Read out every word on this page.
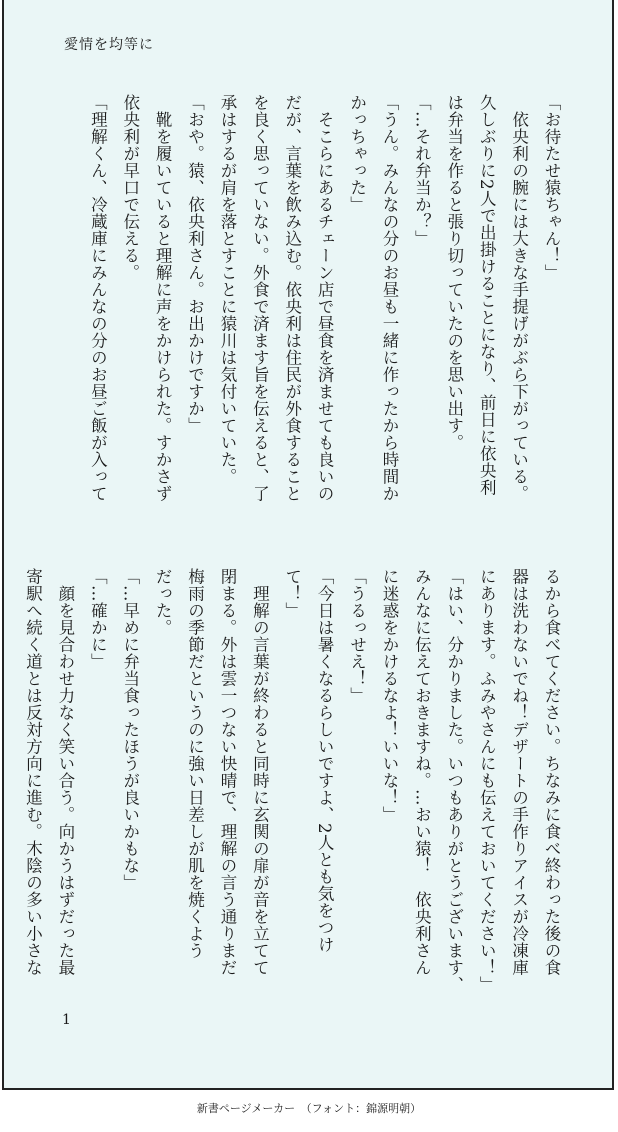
愛情を均等に
「お待たせ猿ちゃん！」
　依央利の腕には大きな手提げがぶら下がっている。
久しぶりに2人で出掛けることになり、前日に依央利
は弁当を作ると張り切っていたのを思い出す。
「…それ弁当か？」
「うん。みんなの分のお昼も一緒に作ったから時間か
かっちゃった」
　そこらにあるチェーン店で昼食を済ませても良いの
だが、言葉を飲み込む。依央利は住民が外食すること
を良く思っていない。外食で済ます旨を伝えると、了
承はするが肩を落とすことに猿川は気付いていた。
「おや。猿、依央利さん。お出かけですか」
　靴を履いていると理解に声をかけられた。すかさず
依央利が早口で伝える。
「理解くん、冷蔵庫にみんなの分のお昼ご飯が入って
るから食べてください。ちなみに食べ終わった後の食
器は洗わないでね！デザートの手作りアイスが冷凍庫
にあります。ふみやさんにも伝えておいてください！」
「はい、分かりました。いつもありがとうございます、
みんなに伝えておきますね。…おい猿！　依央利さん
に迷惑をかけるなよ！いいな！」
「うるっせえ！」
「今日は暑くなるらしいですよ、2人とも気をつけ
て！」
　理解の言葉が終わると同時に玄関の扉が音を立てて
閉まる。外は雲一つない快晴で、理解の言う通りまだ
梅雨の季節だというのに強い日差しが肌を焼くよう
だった。
「…早めに弁当食ったほうが良いかもな」
「…確かに」
　顔を見合わせ力なく笑い合う。向かうはずだった最
寄駅へ続く道とは反対方向に進む。木陰の多い小さな
1
新書ページメーカー　（フォント：錦源明朝）
